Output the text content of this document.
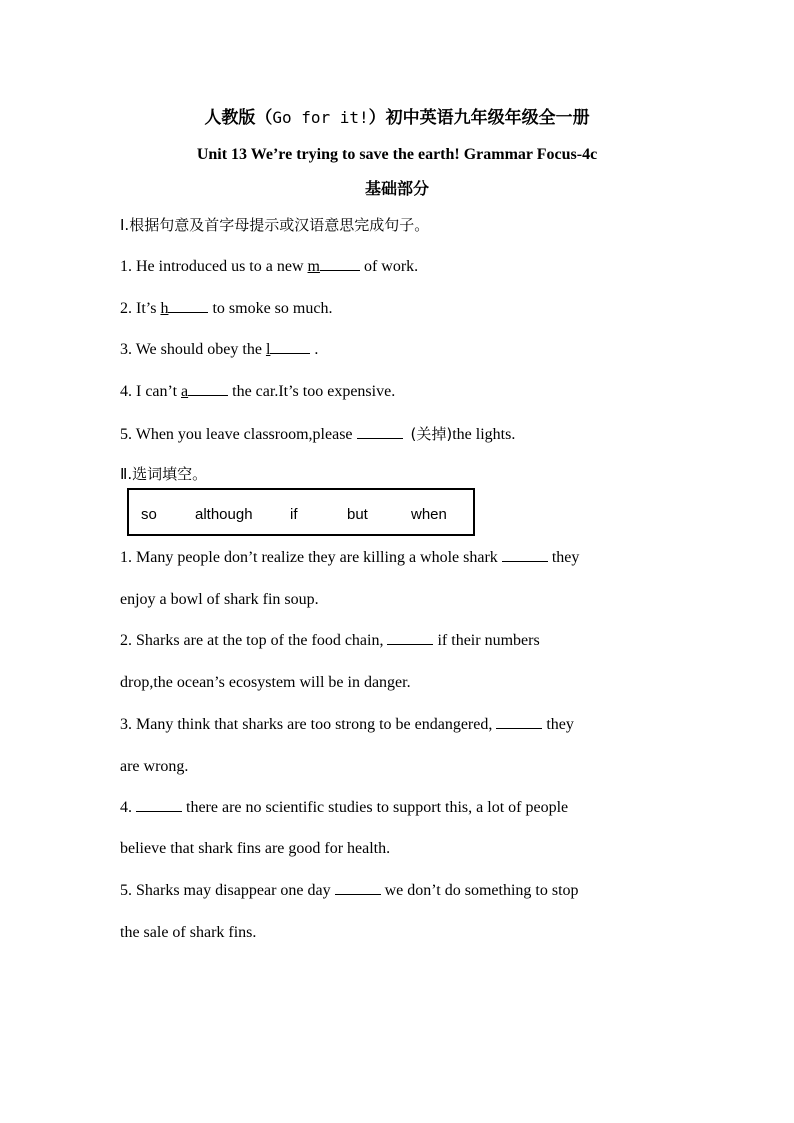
人教版（Go for it!）初中英语九年级年级全一册
Unit 13 We’re trying to save the earth! Grammar Focus-4c
基础部分
Ⅰ.根据句意及首字母提示或汉语意思完成句子。
1. He introduced us to a new m	of work.
2. It’s h	to smoke so much.
3. We should obey the l	.
4. I can’t a	the car.It’s too expensive.
5. When you leave classroom,please	(关掉)the lights.
Ⅱ.选词填空。
so	although if	but	when
1. Many people don’t realize they are killing a whole shark	they
enjoy a bowl of shark fin soup.
2. Sharks are at the top of the food chain,	if their numbers
drop,the ocean’s ecosystem will be in danger.
3. Many think that sharks are too strong to be endangered,	they
are wrong.
4.	there are no scientific studies to support this, a lot of people
believe that shark fins are good for health.
5. Sharks may disappear one day	we don’t do something to stop
the sale of shark fins.
